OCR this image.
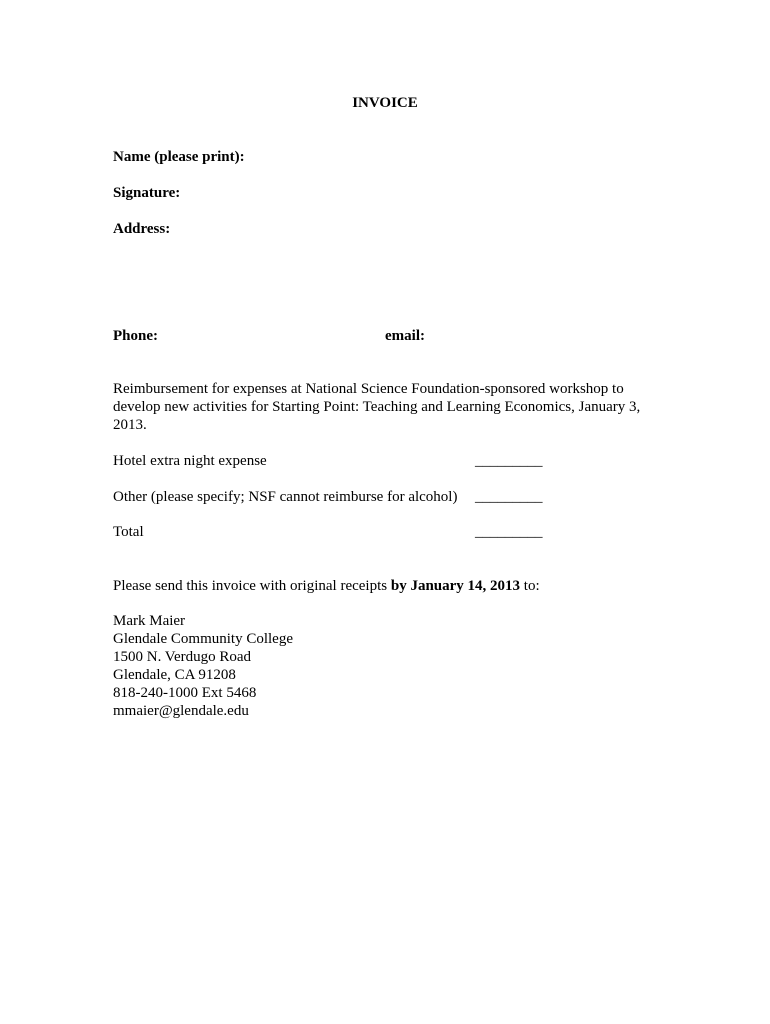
INVOICE
Name (please print):
Signature:
Address:
Phone:	email:
Reimbursement for expenses at National Science Foundation-sponsored workshop to develop new activities for Starting Point: Teaching and Learning Economics, January 3, 2013.
Hotel extra night expense	_________
Other (please specify; NSF cannot reimburse for alcohol) _________
Total	_________
Please send this invoice with original receipts by January 14, 2013 to:
Mark Maier
Glendale Community College
1500 N. Verdugo Road
Glendale, CA 91208
818-240-1000 Ext 5468
mmaier@glendale.edu
